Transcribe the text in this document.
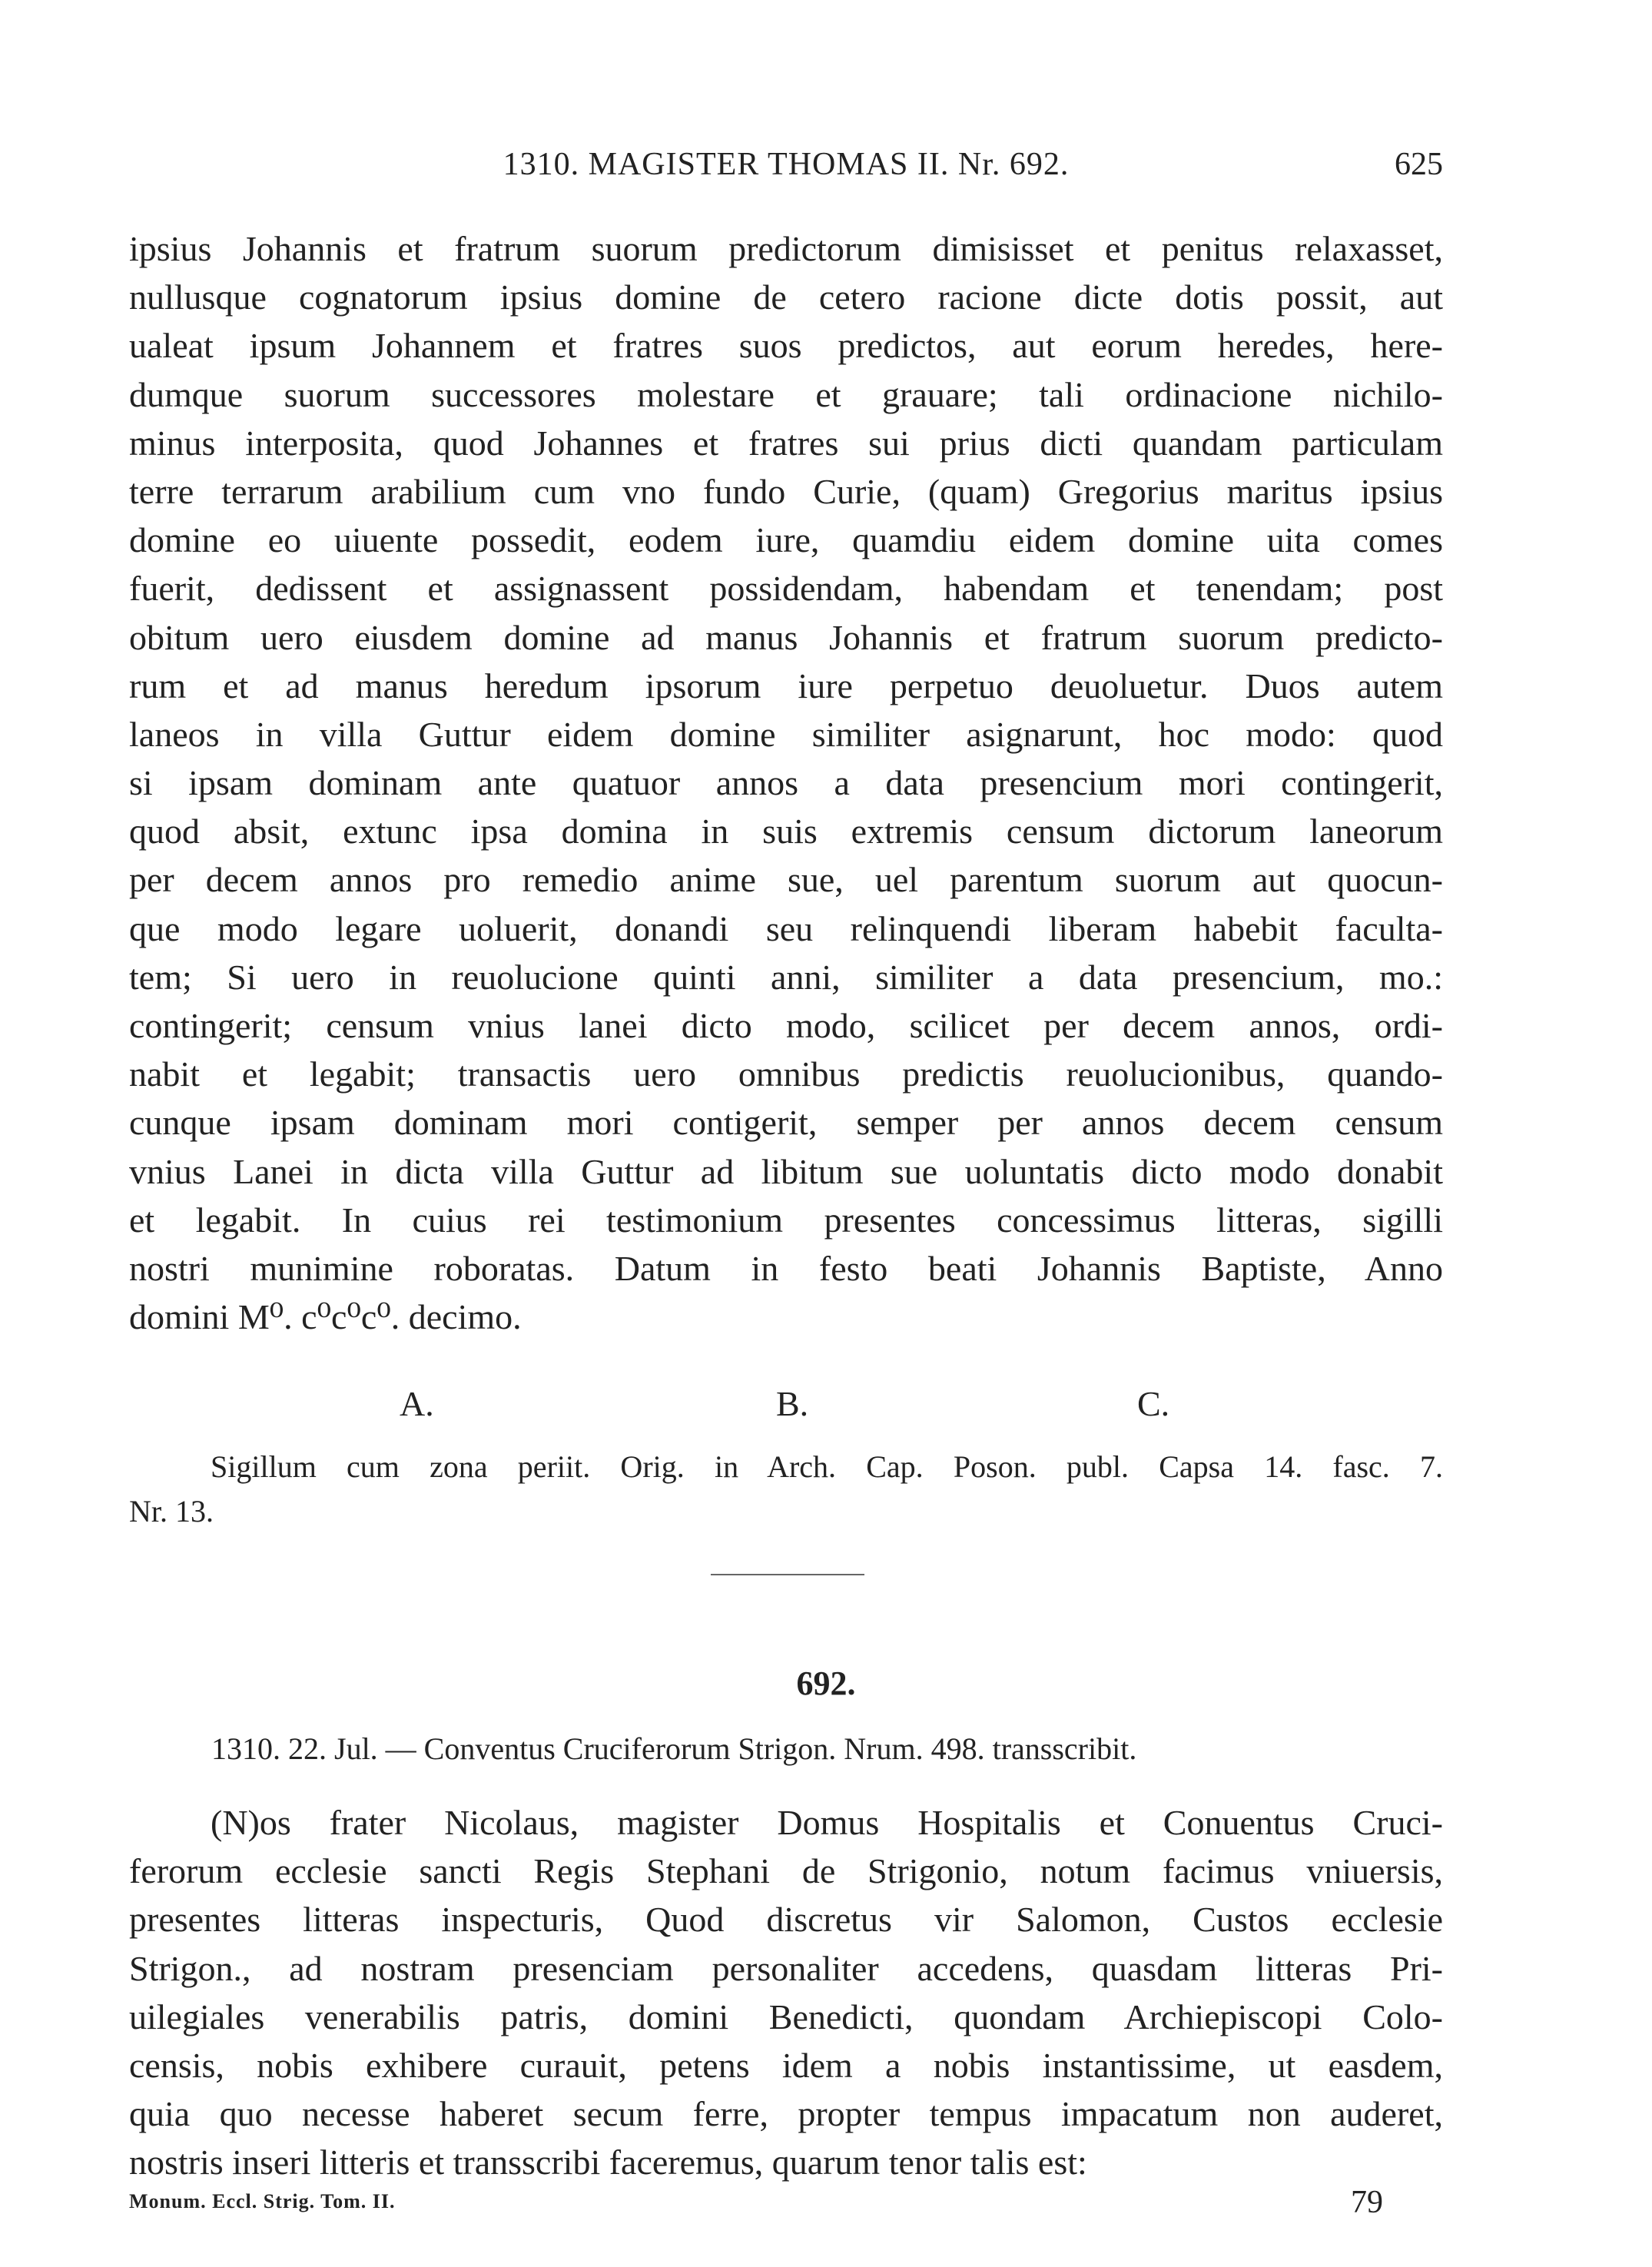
1310. MAGISTER THOMAS II. Nr. 692.	625
ipsius Johannis et fratrum suorum predictorum dimisisset et penitus relaxasset,
nullusque cognatorum ipsius domine de cetero racione dicte dotis possit, aut
ualeat ipsum Johannem et fratres suos predictos, aut eorum heredes, here-
dumque suorum successores molestare et grauare; tali ordinacione nichilo-
minus interposita, quod Johannes et fratres sui prius dicti quandam particulam
terre terrarum arabilium cum vno fundo Curie, (quam) Gregorius maritus ipsius
domine eo uiuente possedit, eodem iure, quamdiu eidem domine uita comes
fuerit, dedissent et assignassent possidendam, habendam et tenendam; post
obitum uero eiusdem domine ad manus Johannis et fratrum suorum predicto-
rum et ad manus heredum ipsorum iure perpetuo deuoluetur. Duos autem
laneos in villa Guttur eidem domine similiter asignarunt, hoc modo: quod
si ipsam dominam ante quatuor annos a data presencium mori contingerit,
quod absit, extunc ipsa domina in suis extremis censum dictorum laneorum
per decem annos pro remedio anime sue, uel parentum suorum aut quocun-
que modo legare uoluerit, donandi seu relinquendi liberam habebit faculta-
tem; Si uero in reuolucione quinti anni, similiter a data presencium, mo.:
contingerit; censum vnius lanei dicto modo, scilicet per decem annos, ordi-
nabit et legabit; transactis uero omnibus predictis reuolucionibus, quando-
cunque ipsam dominam mori contigerit, semper per annos decem censum
vnius Lanei in dicta villa Guttur ad libitum sue uoluntatis dicto modo donabit
et legabit. In cuius rei testimonium presentes concessimus litteras, sigilli
nostri munimine roboratas. Datum in festo beati Johannis Baptiste, Anno
domini M⁰. c⁰c⁰c⁰. decimo.
A.	B.	C.
Sigillum cum zona periit. Orig. in Arch. Cap. Poson. publ. Capsa 14. fasc. 7.
Nr. 13.
692.
1310. 22. Jul. — Conventus Cruciferorum Strigon. Nrum. 498. transscribit.
(N)os frater Nicolaus, magister Domus Hospitalis et Conuentus Cruci-
ferorum ecclesie sancti Regis Stephani de Strigonio, notum facimus vniuersis,
presentes litteras inspecturis, Quod discretus vir Salomon, Custos ecclesie
Strigon., ad nostram presenciam personaliter accedens, quasdam litteras Pri-
uilegiales venerabilis patris, domini Benedicti, quondam Archiepiscopi Colo-
censis, nobis exhibere curauit, petens idem a nobis instantissime, ut easdem,
quia quo necesse haberet secum ferre, propter tempus impacatum non auderet,
nostris inseri litteris et transscribi faceremus, quarum tenor talis est:
Monum. Eccl. Strig. Tom. II.	79
